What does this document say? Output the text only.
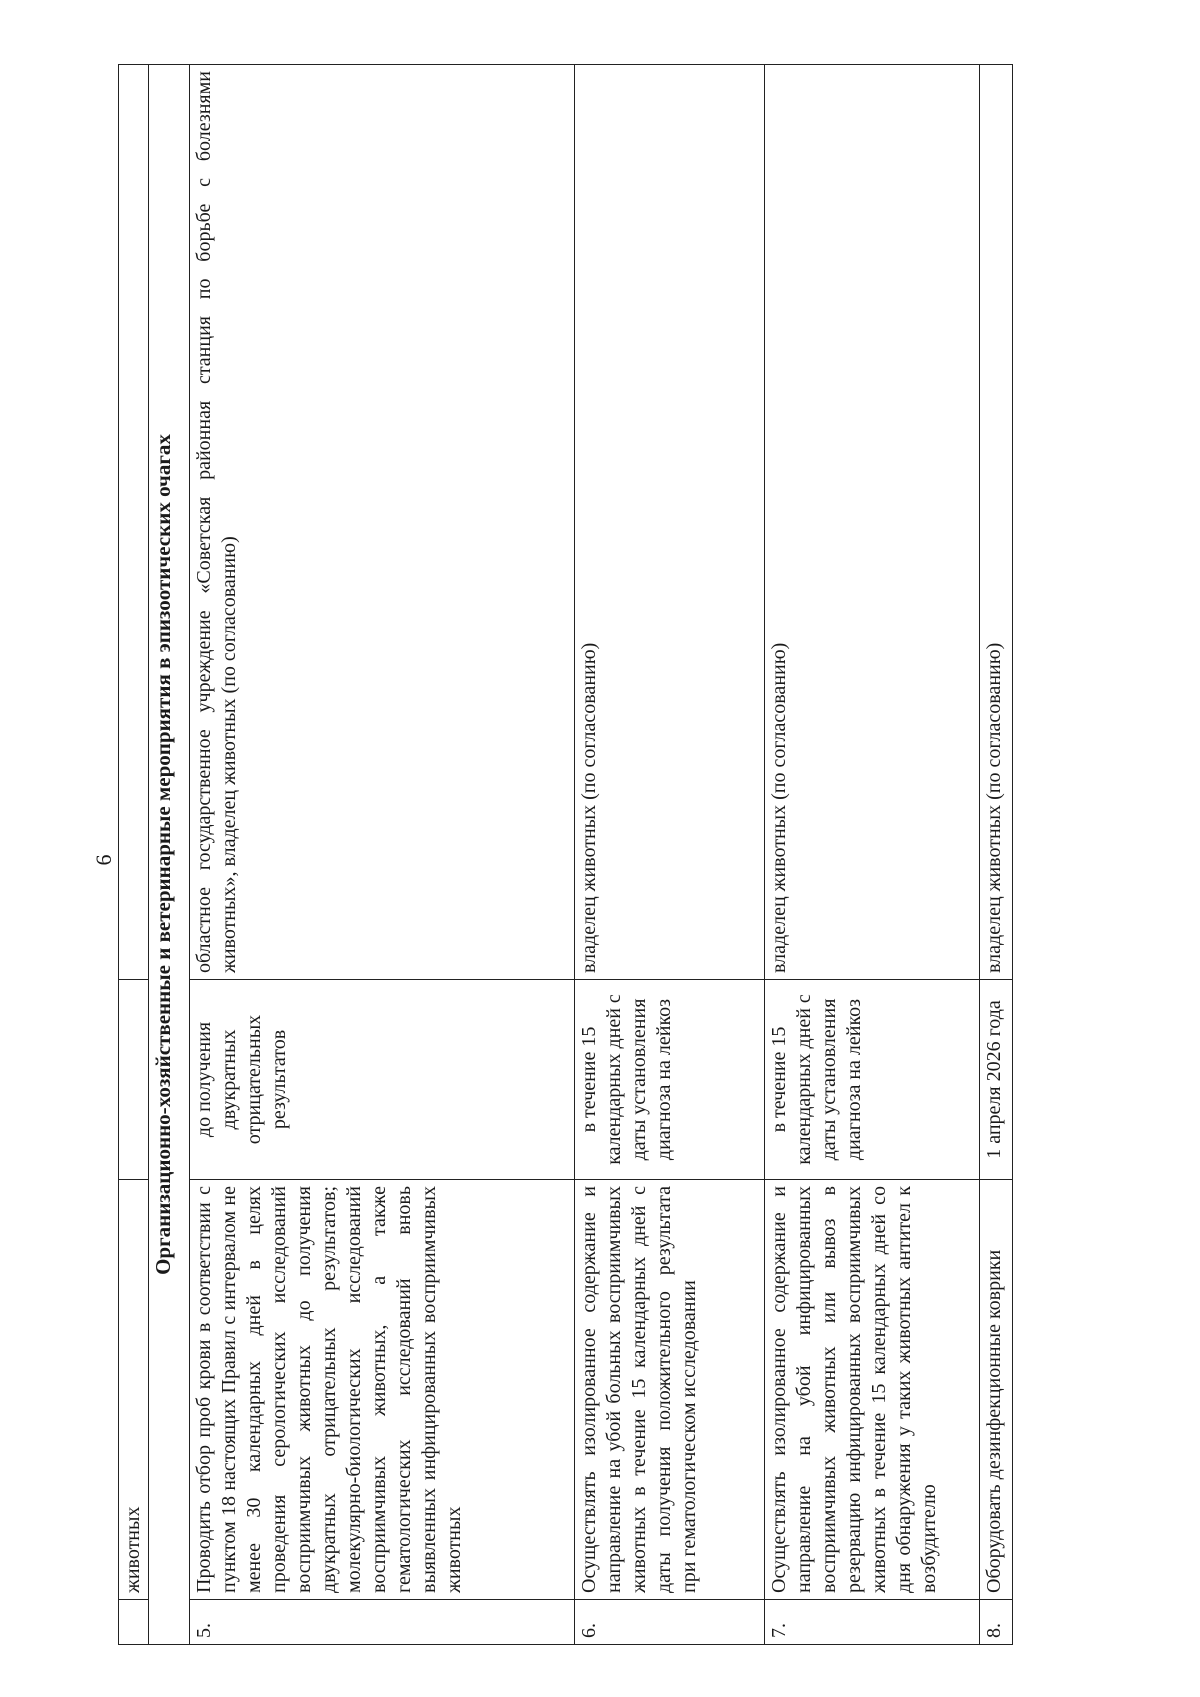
6
	животных		
Организационно-хозяйственные и ветеринарные мероприятия в эпизоотических очагах			
5.	Проводить отбор проб крови в соответствии с пунктом 18 настоящих Правил с интервалом не менее 30 календарных дней в целях проведения серологических исследований восприимчивых животных до получения двукратных отрицательных результатов; молекулярно-биологических исследований восприимчивых животных, а также гематологических исследований вновь выявленных инфицированных восприимчивых животных	до получения двукратных отрицательных результатов	областное государственное учреждение «Советская районная станция по борьбе с болезнями животных», владелец животных (по согласованию)
6.	Осуществлять изолированное содержание и направление на убой больных восприимчивых животных в течение 15 календарных дней с даты получения положительного результата при гематологическом исследовании	в течение 15 календарных дней с даты установления диагноза на лейкоз	владелец животных (по согласованию)
7.	Осуществлять изолированное содержание и направление на убой инфицированных восприимчивых животных или вывоз в резервацию инфицированных восприимчивых животных в течение 15 календарных дней со дня обнаружения у таких животных антител к возбудителю	в течение 15 календарных дней с даты установления диагноза на лейкоз	владелец животных (по согласованию)
8.	Оборудовать дезинфекционные коврики	1 апреля 2026 года	владелец животных (по согласованию)
